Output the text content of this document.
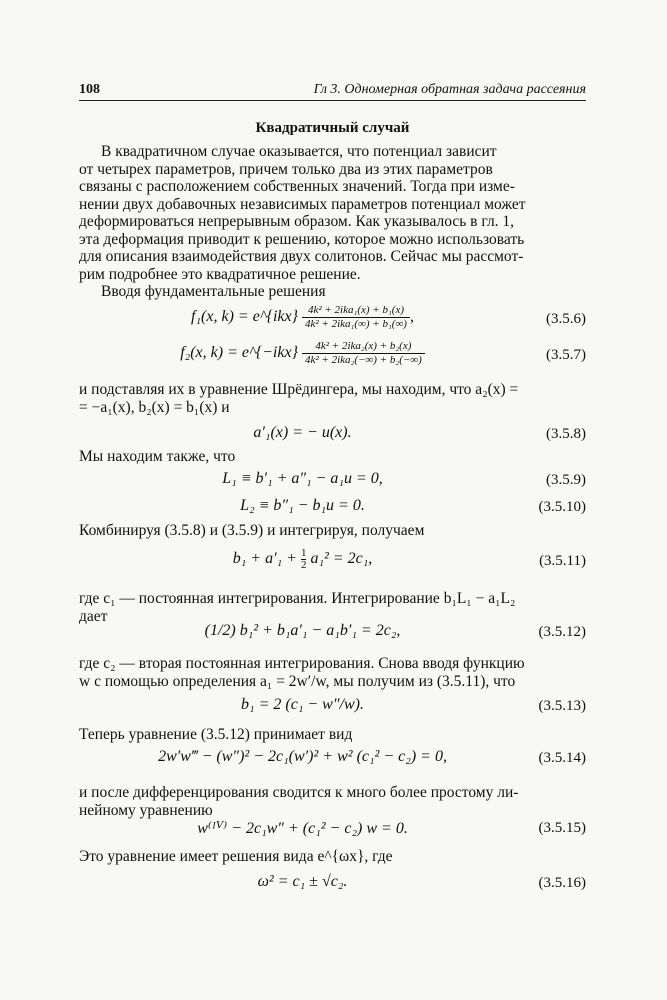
108	Гл 3. Одномерная обратная задача рассеяния
Квадратичный случай
В квадратичном случае оказывается, что потенциал зависит
от четырех параметров, причем только два из этих параметров
связаны с расположением собственных значений. Тогда при изме-
нении двух добавочных независимых параметров потенциал может
деформироваться непрерывным образом. Как указывалось в гл. 1,
эта деформация приводит к решению, которое можно использовать
для описания взаимодействия двух солитонов. Сейчас мы рассмот-
рим подробнее это квадратичное решение.
Вводя фундаментальные решения
f₁(x, k) = e^{ikx} $\frac{\text{4k² + 2ika₁(x) + b₁(x)}}{\text{4k² + 2ika₁(∞) + b₁(∞)}}$ ,	(3.5.6)
f₂(x, k) = e^{−ikx} $\frac{\text{4k² + 2ika₂(x) + b₂(x)}}{\text{4k² + 2ika₂(−∞) + b₂(−∞)}}$	(3.5.7)
и подставляя их в уравнение Шрёдингера, мы находим, что a₂(x) =
= −a₁(x), b₂(x) = b₁(x) и
a′₁(x) = − u(x).	(3.5.8)
Мы находим также, что
L₁ ≡ b′₁ + a″₁ − a₁u = 0,	(3.5.9)
L₂ ≡ b″₁ − b₁u = 0.	(3.5.10)
Комбинируя (3.5.8) и (3.5.9) и интегрируя, получаем
$b_1 + a'_1 + \frac{1}{2} a_1^2 = 2c_1$,	(3.5.11)
где c₁ — постоянная интегрирования. Интегрирование b₁L₁ − a₁L₂
дает
(1/2) b₁² + b₁a′₁ − a₁b′₁ = 2c₂,	(3.5.12)
где c₂ — вторая постоянная интегрирования. Снова вводя функцию
w с помощью определения a₁ = 2w′/w, мы получим из (3.5.11), что
b₁ = 2 (c₁ − w″/w).	(3.5.13)
Теперь уравнение (3.5.12) принимает вид
2w′w‴ − (w″)² − 2c₁(w′)² + w² (c₁² − c₂) = 0,	(3.5.14)
и после дифференцирования сводится к много более простому ли-
нейному уравнению
w⁽ᴵⱽ⁾ − 2c₁w″ + (c₁² − c₂) w = 0.	(3.5.15)
Это уравнение имеет решения вида e^{ωx}, где
ω² = c₁ ± √c₂.	(3.5.16)
